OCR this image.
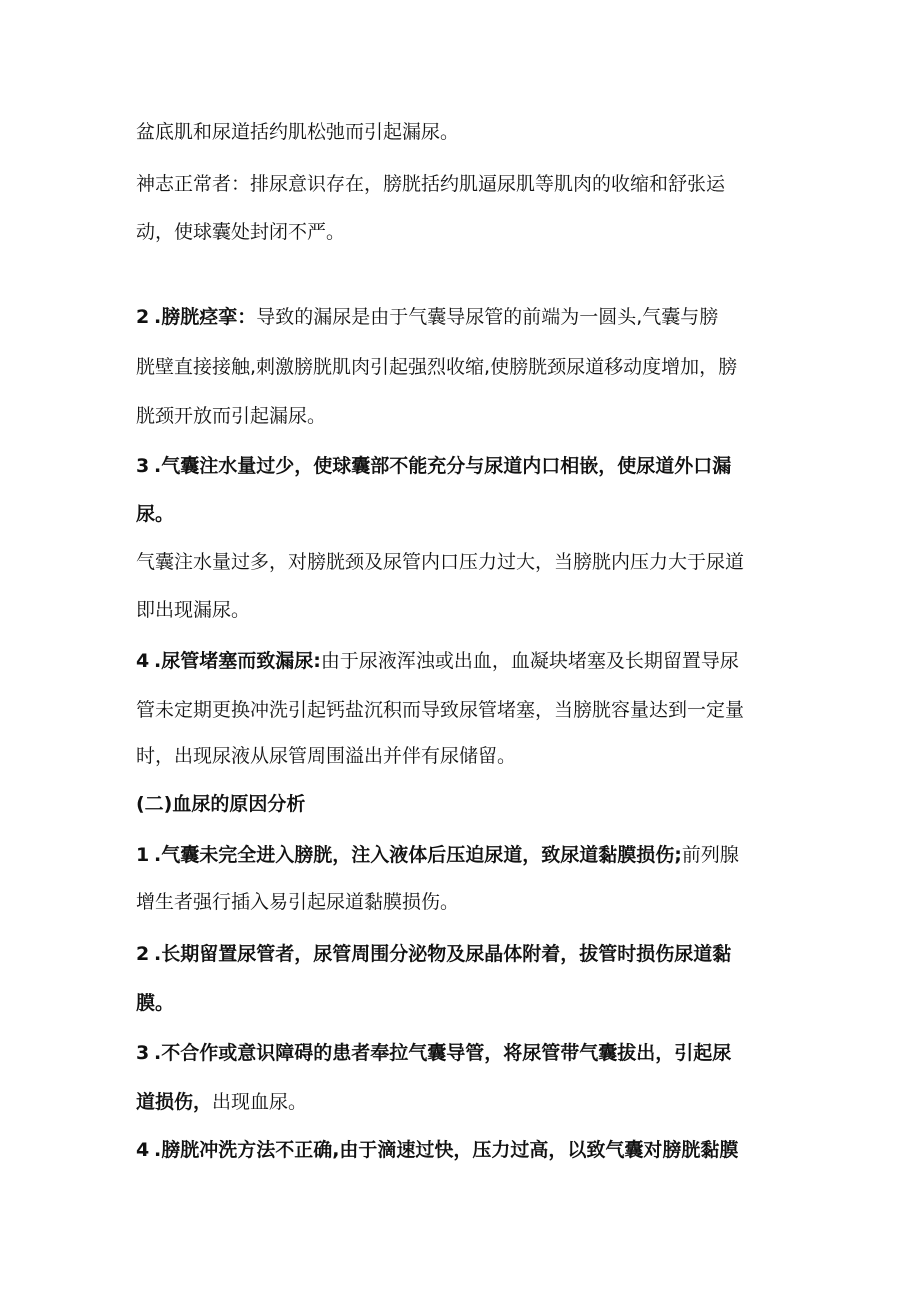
盆底肌和尿道括约肌松弛而引起漏尿。
神志正常者：排尿意识存在，膀胱括约肌逼尿肌等肌肉的收缩和舒张运
动，使球囊处封闭不严。
2 .膀胱痉挛：导致的漏尿是由于气囊导尿管的前端为一圆头,气囊与膀
胱壁直接接触,刺激膀胱肌肉引起强烈收缩,使膀胱颈尿道移动度增加，膀
胱颈开放而引起漏尿。
3 .气囊注水量过少，使球囊部不能充分与尿道内口相嵌，使尿道外口漏
尿。
气囊注水量过多，对膀胱颈及尿管内口压力过大，当膀胱内压力大于尿道
即出现漏尿。
4 .尿管堵塞而致漏尿:由于尿液浑浊或出血，血凝块堵塞及长期留置导尿
管未定期更换冲洗引起钙盐沉积而导致尿管堵塞，当膀胱容量达到一定量
时，出现尿液从尿管周围溢出并伴有尿储留。
(二)血尿的原因分析
1 .气囊未完全进入膀胱，注入液体后压迫尿道，致尿道黏膜损伤;前列腺
增生者强行插入易引起尿道黏膜损伤。
2 .长期留置尿管者，尿管周围分泌物及尿晶体附着，拔管时损伤尿道黏
膜。
3 .不合作或意识障碍的患者奉拉气囊导管，将尿管带气囊拔出，引起尿
道损伤，出现血尿。
4 .膀胱冲洗方法不正确,由于滴速过快，压力过高，以致气囊对膀胱黏膜
